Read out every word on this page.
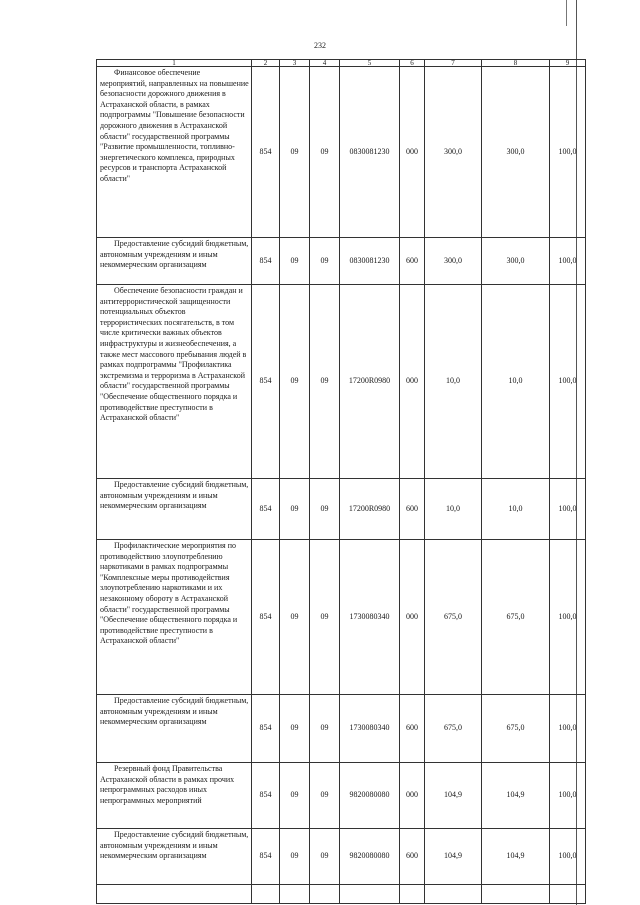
232
1	2	3	4	5	6	7	8	9
Финансовое обеспечение мероприятий, направленных на повышение безопасности дорожного движения в Астраханской области, в рамках подпрограммы "Повышение безопасности дорожного движения в Астраханской области" государственной программы "Развитие промышленности, топливно-энергетического комплекса, природных ресурсов и транспорта Астраханской области"	854	09	09	0830081230	000	300,0	300,0	100,0
Предоставление субсидий бюджетным, автономным учреждениям и иным некоммерческим организациям	854	09	09	0830081230	600	300,0	300,0	100,0
Обеспечение безопасности граждан и антитеррористической защищенности потенциальных объектов террористических посягательств, в том числе критически важных объектов инфраструктуры и жизнеобеспечения, а также мест массового пребывания людей в рамках подпрограммы "Профилактика экстремизма и терроризма в Астраханской области" государственной программы "Обеспечение общественного порядка и противодействие преступности в Астраханской области"	854	09	09	17200R0980	000	10,0	10,0	100,0
Предоставление субсидий бюджетным, автономным учреждениям и иным некоммерческим организациям	854	09	09	17200R0980	600	10,0	10,0	100,0
Профилактические мероприятия по противодействию злоупотреблению наркотиками в рамках подпрограммы "Комплексные меры противодействия злоупотреблению наркотиками и их незаконному обороту в Астраханской области" государственной программы "Обеспечение общественного порядка и противодействие преступности в Астраханской области"	854	09	09	1730080340	000	675,0	675,0	100,0
Предоставление субсидий бюджетным, автономным учреждениям и иным некоммерческим организациям	854	09	09	1730080340	600	675,0	675,0	100,0
Резервный фонд Правительства Астраханской области в рамках прочих непрограммных расходов иных непрограммных мероприятий	854	09	09	9820080080	000	104,9	104,9	100,0
Предоставление субсидий бюджетным, автономным учреждениям и иным некоммерческим организациям	854	09	09	9820080080	600	104,9	104,9	100,0
